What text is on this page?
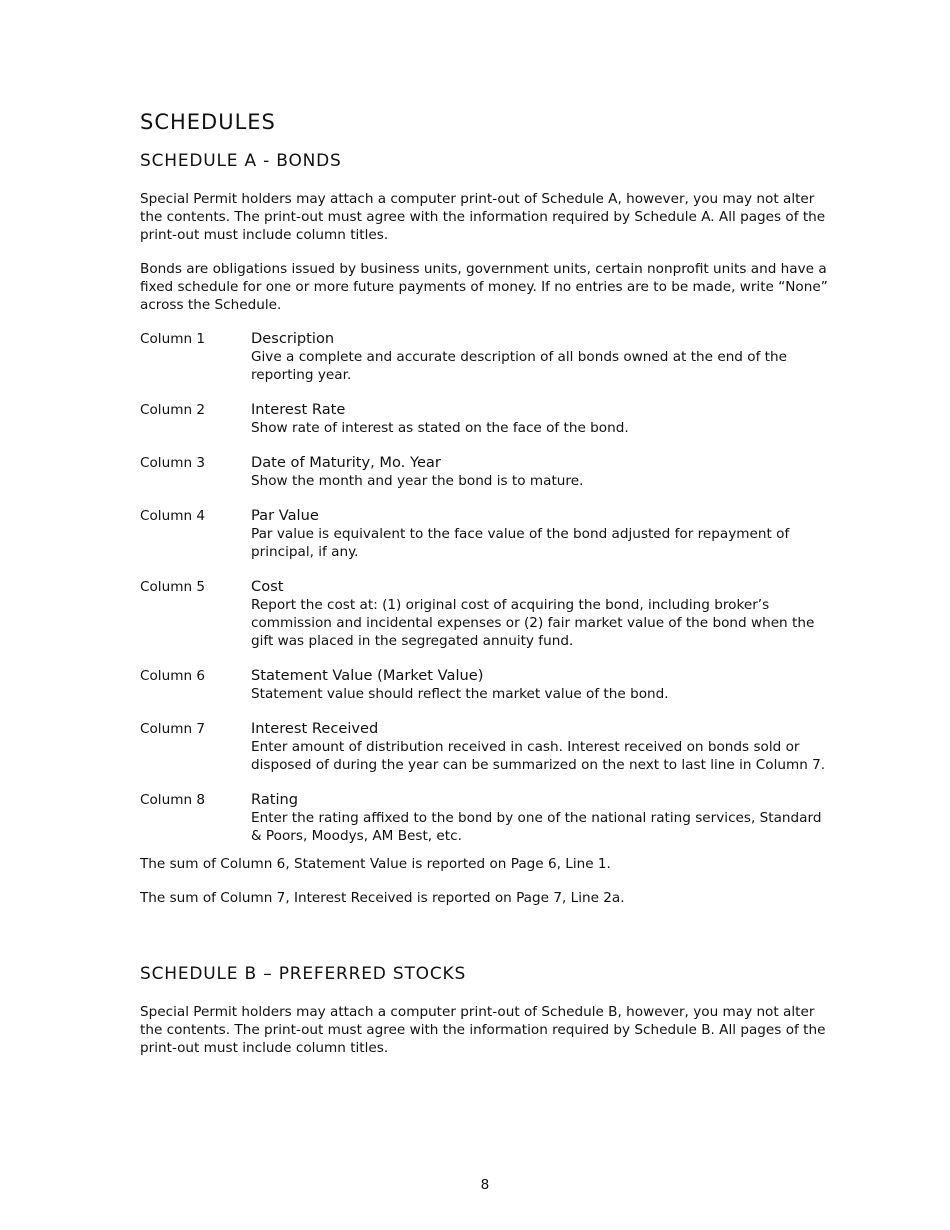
SCHEDULES
SCHEDULE A - BONDS

Special Permit holders may attach a computer print-out of Schedule A, however, you may not alter the contents. The print-out must agree with the information required by Schedule A. All pages of the print-out must include column titles.

Bonds are obligations issued by business units, government units, certain nonprofit units and have a fixed schedule for one or more future payments of money. If no entries are to be made, write “None” across the Schedule.

Column 1	Description
Give a complete and accurate description of all bonds owned at the end of the reporting year.
Column 2	Interest Rate
Show rate of interest as stated on the face of the bond.
Column 3	Date of Maturity, Mo. Year
Show the month and year the bond is to mature.
Column 4	Par Value
Par value is equivalent to the face value of the bond adjusted for repayment of principal, if any.
Column 5	Cost
Report the cost at: (1) original cost of acquiring the bond, including broker’s commission and incidental expenses or (2) fair market value of the bond when the gift was placed in the segregated annuity fund.
Column 6	Statement Value (Market Value)
Statement value should reflect the market value of the bond.
Column 7	Interest Received
Enter amount of distribution received in cash. Interest received on bonds sold or disposed of during the year can be summarized on the next to last line in Column 7.
Column 8	Rating
Enter the rating affixed to the bond by one of the national rating services, Standard & Poors, Moodys, AM Best, etc.

The sum of Column 6, Statement Value is reported on Page 6, Line 1.

The sum of Column 7, Interest Received is reported on Page 7, Line 2a.

SCHEDULE B – PREFERRED STOCKS

Special Permit holders may attach a computer print-out of Schedule B, however, you may not alter the contents. The print-out must agree with the information required by Schedule B. All pages of the print-out must include column titles.

8
